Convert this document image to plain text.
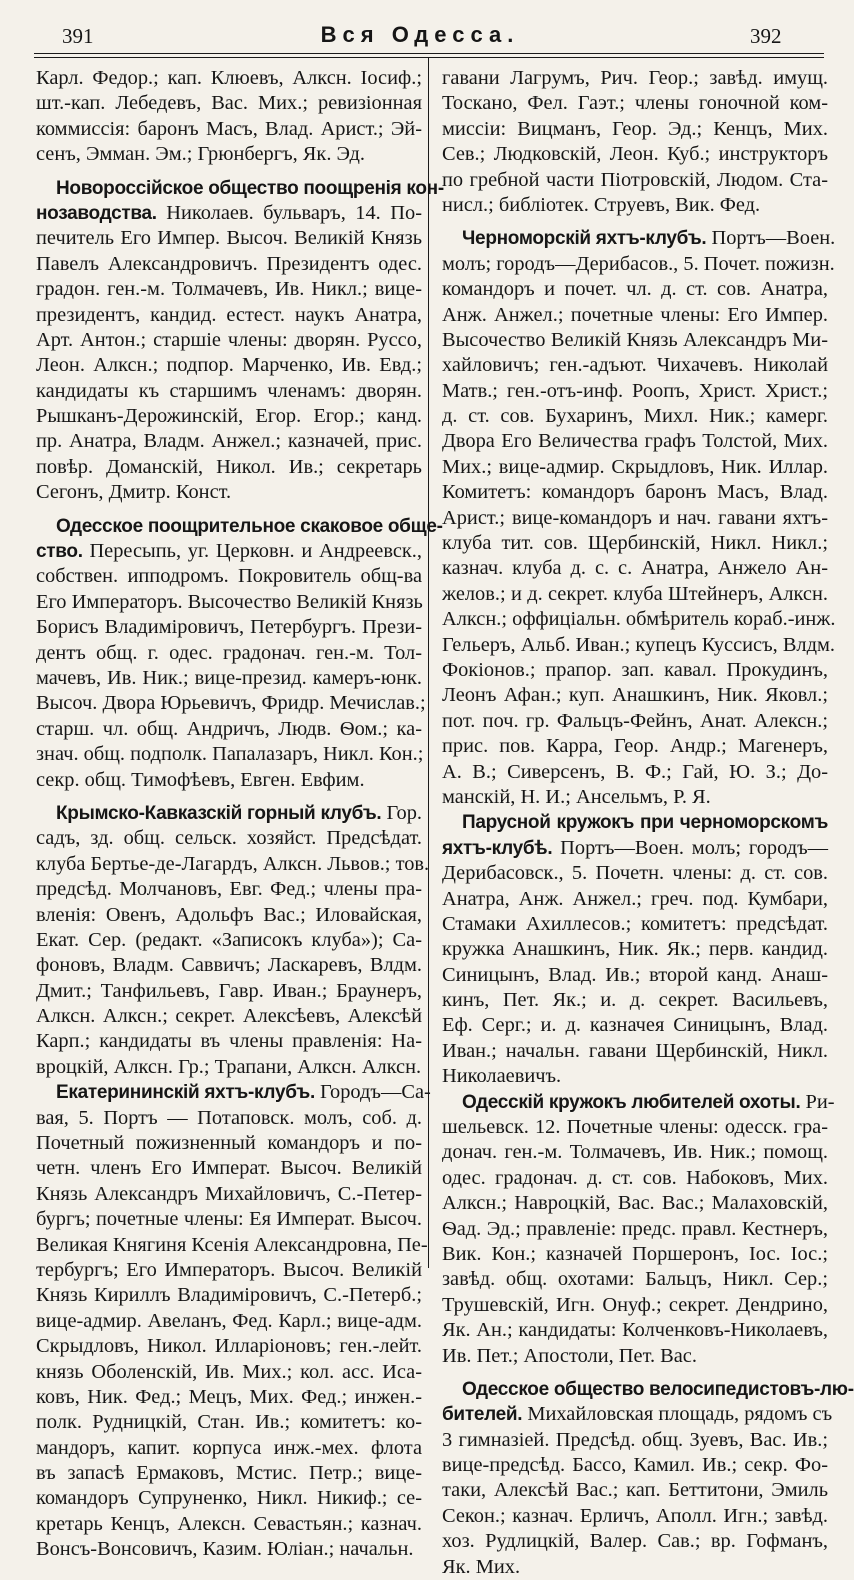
391	Вся Одесса.	392
Карл. Федор.; кап. Клюевъ, Алксн. Iосиф.;
шт.-кап. Лебедевъ, Вас. Мих.; ревизiонная
коммиссiя: баронъ Масъ, Влад. Арист.; Эй-
сенъ, Эмман. Эм.; Грюнбергъ, Як. Эд.
Новороссiйское общество поощренiя кон-
нозаводства. Николаев. бульваръ, 14. По-
печитель Его Импер. Высоч. Великiй Князь
Павелъ Александровичъ. Президентъ одес.
градон. ген.-м. Толмачевъ, Ив. Никл.; вице-
президентъ, кандид. естест. наукъ Анатра,
Арт. Антон.; старшiе члены: дворян. Руссо,
Леон. Алксн.; подпор. Марченко, Ив. Евд.;
кандидаты къ старшимъ членамъ: дворян.
Рышканъ-Дерожинскiй, Егор. Егор.; канд.
пр. Анатра, Владм. Анжел.; казначей, прис.
повѣр. Доманскiй, Никол. Ив.; секретарь
Сегонъ, Дмитр. Конст.
Одесское поощрительное скаковое обще-
ство. Пересыпь, уг. Церковн. и Андреевск.,
собствен. ипподромъ. Покровитель общ-ва
Его Императоръ. Высочество Великiй Князь
Борисъ Владимiровичъ, Петербургъ. Прези-
дентъ общ. г. одес. градонач. ген.-м. Тол-
мачевъ, Ив. Ник.; вице-презид. камеръ-юнк.
Высоч. Двора Юрьевичъ, Фридр. Мечислав.;
старш. чл. общ. Андричъ, Людв. Ѳом.; ка-
знач. общ. подполк. Папалазаръ, Никл. Кон.;
секр. общ. Тимофѣевъ, Евген. Евфим.
Крымско-Кавказскiй горный клубъ. Гор.
садъ, зд. общ. сельск. хозяйст. Предсѣдат.
клуба Бертье-де-Лагардъ, Алксн. Львов.; тов.
предсѣд. Молчановъ, Евг. Фед.; члены пра-
вленiя: Овенъ, Адольфъ Вас.; Иловайская,
Екат. Сер. (редакт. «Записокъ клуба»); Са-
фоновъ, Владм. Саввичъ; Ласкаревъ, Влдм.
Дмит.; Танфильевъ, Гавр. Иван.; Браунеръ,
Алксн. Алксн.; секрет. Алексѣевъ, Алексѣй
Карп.; кандидаты въ члены правленiя: На-
вроцкiй, Алксн. Гр.; Трапани, Алксн. Алксн.
Екатерининскiй яхтъ-клубъ. Городъ—Са-
вая, 5. Портъ — Потаповск. молъ, соб. д.
Почетный пожизненный командоръ и по-
четн. членъ Его Императ. Высоч. Великiй
Князь Александръ Михайловичъ, С.-Петер-
бургъ; почетные члены: Ея Императ. Высоч.
Великая Княгиня Ксенiя Александровна, Пе-
тербургъ; Его Императоръ. Высоч. Великiй
Князь Кириллъ Владимiровичъ, С.-Петерб.;
вице-адмир. Авеланъ, Фед. Карл.; вице-адм.
Скрыдловъ, Никол. Илларiоновъ; ген.-лейт.
князь Оболенскiй, Ив. Мих.; кол. асс. Иса-
ковъ, Ник. Фед.; Мецъ, Мих. Фед.; инжен.-
полк. Рудницкiй, Стан. Ив.; комитетъ: ко-
мандоръ, капит. корпуса инж.-мех. флота
въ запасѣ Ермаковъ, Мстис. Петр.; вице-
командоръ Супруненко, Никл. Никиф.; се-
кретарь Кенцъ, Алексн. Севастьян.; казнач.
Вонсъ-Вонсовичъ, Казим. Юлiан.; начальн.
гавани Лагрумъ, Рич. Геор.; завѣд. имущ.
Тоскано, Фел. Гаэт.; члены гоночной ком-
миссiи: Вицманъ, Геор. Эд.; Кенцъ, Мих.
Сев.; Людковскiй, Леон. Куб.; инструкторъ
по гребной части Пiотровскiй, Людом. Ста-
нисл.; библiотек. Струевъ, Вик. Фед.
Черноморскiй яхтъ-клубъ. Портъ—Воен.
молъ; городъ—Дерибасов., 5. Почет. пожизн.
командоръ и почет. чл. д. ст. сов. Анатра,
Анж. Анжел.; почетные члены: Его Импер.
Высочество Великiй Князь Александръ Ми-
хайловичъ; ген.-адъют. Чихачевъ. Николай
Матв.; ген.-отъ-инф. Роопъ, Христ. Христ.;
д. ст. сов. Бухаринъ, Михл. Ник.; камерг.
Двора Его Величества графъ Толстой, Мих.
Мих.; вице-адмир. Скрыдловъ, Ник. Иллар.
Комитетъ: командоръ баронъ Масъ, Влад.
Арист.; вице-командоръ и нач. гавани яхтъ-
клуба тит. сов. Щербинскiй, Никл. Никл.;
казнач. клуба д. с. с. Анатра, Анжело Ан-
желов.; и д. секрет. клуба Штейнеръ, Алксн.
Алксн.; оффицiальн. обмѣритель кораб.-инж.
Гельеръ, Альб. Иван.; купецъ Куссисъ, Влдм.
Фокiонов.; прапор. зап. кавал. Прокудинъ,
Леонъ Афан.; куп. Анашкинъ, Ник. Яковл.;
пот. поч. гр. Фальцъ-Фейнъ, Анат. Алексн.;
прис. пов. Карра, Геор. Андр.; Магенеръ,
А. В.; Сиверсенъ, В. Ф.; Гай, Ю. З.; До-
манскiй, Н. И.; Ансельмъ, Р. Я.
Парусной кружокъ при черноморскомъ
яхтъ-клубѣ. Портъ—Воен. молъ; городъ—
Дерибасовск., 5. Почетн. члены: д. ст. сов.
Анатра, Анж. Анжел.; греч. под. Кумбари,
Стамаки Ахиллесов.; комитетъ: предсѣдат.
кружка Анашкинъ, Ник. Як.; перв. кандид.
Синицынъ, Влад. Ив.; второй канд. Анаш-
кинъ, Пет. Як.; и. д. секрет. Васильевъ,
Еф. Серг.; и. д. казначея Синицынъ, Влад.
Иван.; начальн. гавани Щербинскiй, Никл.
Николаевичъ.
Одесскiй кружокъ любителей охоты. Ри-
шельевск. 12. Почетные члены: одесск. гра-
донач. ген.-м. Толмачевъ, Ив. Ник.; помощ.
одес. градонач. д. ст. сов. Набоковъ, Мих.
Алксн.; Навроцкiй, Вас. Вас.; Малаховскiй,
Ѳад. Эд.; правленiе: предс. правл. Кестнеръ,
Вик. Кон.; казначей Поршеронъ, Iос. Iос.;
завѣд. общ. охотами: Бальцъ, Никл. Сер.;
Трушевскiй, Игн. Онуф.; секрет. Дендрино,
Як. Ан.; кандидаты: Колченковъ-Николаевъ,
Ив. Пет.; Апостоли, Пет. Вас.
Одесское общество велосипедистовъ-лю-
бителей. Михайловская площадь, рядомъ съ
3 гимназiей. Предсѣд. общ. Зуевъ, Вас. Ив.;
вице-предсѣд. Бассо, Камил. Ив.; секр. Фо-
таки, Алексѣй Вас.; кап. Беттитони, Эмиль
Секон.; казнач. Ерличъ, Аполл. Игн.; завѣд.
хоз. Рудлицкiй, Валер. Сав.; вр. Гофманъ,
Як. Мих.
